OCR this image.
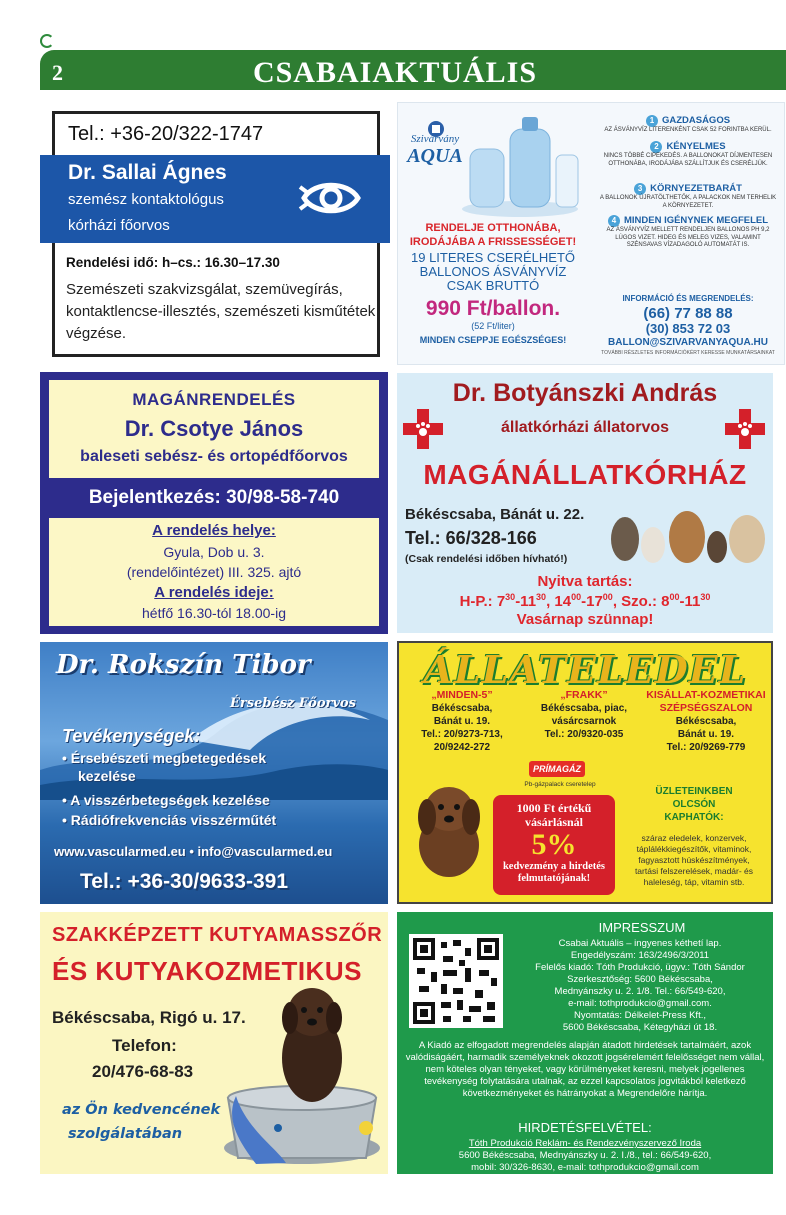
2	CSABAIAKTUÁLIS
Tel.: +36-20/322-1747
Dr. Sallai Ágnes
szemész kontaktológus
kórházi főorvos
Rendelési idő: h–cs.: 16.30–17.30
Szemészeti szakvizsgálat, szemüvegírás, kontaktlencse-illesztés, szemészeti kisműtétek végzése.
Szivárvány
AQUA
RENDELJE OTTHONÁBA,
IRODÁJÁBA A FRISSESSÉGET!
19 LITERES CSERÉLHETŐ
BALLONOS ÁSVÁNYVÍZ
CSAK BRUTTÓ
990 Ft/ballon.
(52 Ft/liter)
MINDEN CSEPPJE EGÉSZSÉGES!
1 GAZDASÁGOS
AZ ÁSVÁNYVÍZ LITERENKÉNT CSAK 52 FORINTBA KERÜL.
2 KÉNYELMES
NINCS TÖBBÉ CIPEKEDÉS. A BALLONOKAT DÍJMENTESEN OTTHONÁBA, IRODÁJÁBA SZÁLLÍTJUK ÉS CSERÉLJÜK.
3 KÖRNYEZETBARÁT
A BALLONOK ÚJRATÖLTHETŐK, A PALACKOK NEM TERHELIK A KÖRNYEZETET.
4 MINDEN IGÉNYNEK MEGFELEL
AZ ÁSVÁNYVÍZ MELLETT RENDELJEN BALLONOS PH 9,2 LÚGOS VIZET. HIDEG ÉS MELEG VIZES, VALAMINT SZÉNSAVAS VÍZADAGOLÓ AUTOMATÁT IS.
INFORMÁCIÓ ÉS MEGRENDELÉS:
(66) 77 88 88
(30) 853 72 03
BALLON@SZIVARVANYAQUA.HU
TOVÁBBI RÉSZLETES INFORMÁCIÓKÉRT KERESSE MUNKATÁRSAINKAT
MAGÁNRENDELÉS
Dr. Csotye János
baleseti sebész- és ortopédfőorvos
Bejelentkezés: 30/98-58-740
A rendelés helye:
Gyula, Dob u. 3.
(rendelőintézet) III. 325. ajtó
A rendelés ideje:
hétfő 16.30-tól 18.00-ig
Dr. Botyánszki András
állatkórházi állatorvos
MAGÁNÁLLATKÓRHÁZ
Békéscsaba, Bánát u. 22.
Tel.: 66/328-166
(Csak rendelési időben hívható!)
Nyitva tartás:
H-P.: $7^{30}-11^{30}$, $14^{00}-17^{00}$, Szo.: $8^{00}-11^{30}$
Vasárnap szünnap!
Dr. Rokszín Tibor
Érsebész Főorvos
Tevékenységek:
• Érsebészeti megbetegedések
kezelése
• A visszérbetegségek kezelése
• Rádiófrekvenciás visszérműtét
www.vascularmed.eu • info@vascularmed.eu
Tel.: +36-30/9633-391
ÁLLATELEDEL
„MINDEN-5”
Békéscsaba,
Bánát u. 19.
Tel.: 20/9273-713,
20/9242-272
„FRAKK”
Békéscsaba, piac,
vásárcsarnok
Tel.: 20/9320-035
KISÁLLAT-KOZMETIKAI SZÉPSÉGSZALON
Békéscsaba,
Bánát u. 19.
Tel.: 20/9269-779
PRÍMAGÁZ
Pb-gázpalack cseretelep
1000 Ft értékű
vásárlásnál
5%
kedvezmény a hirdetés
felmutatójának!
ÜZLETEINKBEN
OLCSÓN
KAPHATÓK:
száraz eledelek, konzervek,
táplálékkiegészítők, vitaminok,
fagyasztott húskészítmények,
tartási felszerelések, madár- és
haleleség, táp, vitamin stb.
SZAKKÉPZETT KUTYAMASSZŐR
ÉS KUTYAKOZMETIKUS
Békéscsaba, Rigó u. 17.
Telefon:
20/476-68-83
az Ön kedvencének
szolgálatában
IMPRESSZUM
Csabai Aktuális – ingyenes kéthetí lap.
Engedélyszám: 163/2496/3/2011
Felelős kiadó: Tóth Produkció, ügyv.: Tóth Sándor
Szerkesztőség: 5600 Békéscsaba,
Mednyánszky u. 2. 1/8. Tel.: 66/549-620,
e-mail: tothprodukcio@gmail.com.
Nyomtatás: Délkelet-Press Kft.,
5600 Békéscsaba, Kétegyházi út 18.
A Kiadó az elfogadott megrendelés alapján átadott hirdetések tartalmáért, azok valódiságáért, harmadik személyeknek okozott jogsérelemért felelősséget nem vállal, nem köteles olyan tényeket, vagy körülményeket keresni, melyek jogellenes tevékenység folytatására utalnak, az ezzel kapcsolatos jogvitákból keletkező következményeket és hátrányokat a Megrendelőre hárítja.
HIRDETÉSFELVÉTEL:
Tóth Produkció Reklám- és Rendezvényszervező Iroda
5600 Békéscsaba, Mednyánszky u. 2. I./8., tel.: 66/549-620,
mobil: 30/326-8630, e-mail: tothprodukcio@gmail.com
